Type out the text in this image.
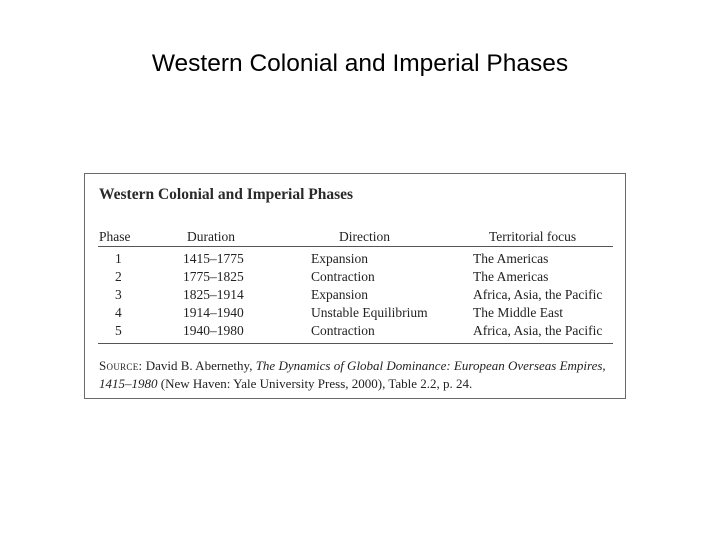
Western Colonial and Imperial Phases
Western Colonial and Imperial Phases
Phase	Duration	Direction	Territorial focus
1	1415–1775	Expansion	The Americas
2	1775–1825	Contraction	The Americas
3	1825–1914	Expansion	Africa, Asia, the Pacific
4	1914–1940	Unstable Equilibrium	The Middle East
5	1940–1980	Contraction	Africa, Asia, the Pacific
Source: David B. Abernethy, The Dynamics of Global Dominance: European Overseas Empires, 1415–1980 (New Haven: Yale University Press, 2000), Table 2.2, p. 24.
